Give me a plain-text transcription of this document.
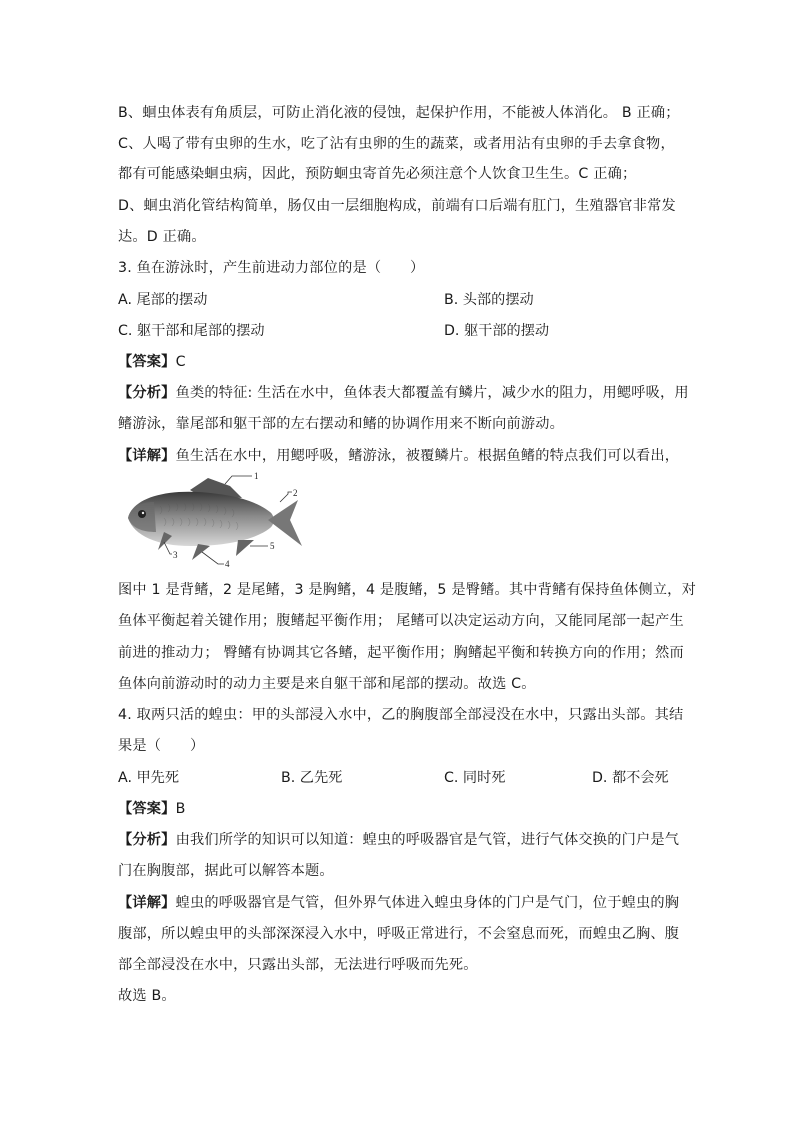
B、蛔虫体表有角质层，可防止消化液的侵蚀，起保护作用，不能被人体消化。 B 正确；
C、人喝了带有虫卵的生水，吃了沾有虫卵的生的蔬菜，或者用沾有虫卵的手去拿食物，
都有可能感染蛔虫病，因此，预防蛔虫寄首先必须注意个人饮食卫生生。C 正确；
D、蛔虫消化管结构简单，肠仅由一层细胞构成，前端有口后端有肛门，生殖器官非常发
达。D 正确。
3. 鱼在游泳时，产生前进动力部位的是（　　）
A. 尾部的摆动	B. 头部的摆动
C. 躯干部和尾部的摆动	D. 躯干部的摆动
【答案】C
【分析】鱼类的特征: 生活在水中，鱼体表大都覆盖有鳞片，减少水的阻力，用鳃呼吸，用
鳍游泳，靠尾部和躯干部的左右摆动和鳍的协调作用来不断向前游动。
【详解】鱼生活在水中，用鳃呼吸，鳍游泳，被覆鳞片。根据鱼鳍的特点我们可以看出，
1
2
3
4
5
图中 1 是背鳍，2 是尾鳍，3 是胸鳍，4 是腹鳍，5 是臀鳍。其中背鳍有保持鱼体侧立，对
鱼体平衡起着关键作用；腹鳍起平衡作用； 尾鳍可以决定运动方向，又能同尾部一起产生
前进的推动力； 臀鳍有协调其它各鳍，起平衡作用；胸鳍起平衡和转换方向的作用；然而
鱼体向前游动时的动力主要是来自躯干部和尾部的摆动。故选 C。
4. 取两只活的蝗虫：甲的头部浸入水中，乙的胸腹部全部浸没在水中，只露出头部。其结
果是（　　）
A. 甲先死	B. 乙先死	C. 同时死	D. 都不会死
【答案】B
【分析】由我们所学的知识可以知道：蝗虫的呼吸器官是气管，进行气体交换的门户是气
门在胸腹部，据此可以解答本题。
【详解】蝗虫的呼吸器官是气管，但外界气体进入蝗虫身体的门户是气门，位于蝗虫的胸
腹部，所以蝗虫甲的头部深深浸入水中，呼吸正常进行，不会窒息而死，而蝗虫乙胸、腹
部全部浸没在水中，只露出头部，无法进行呼吸而先死。
故选 B。
